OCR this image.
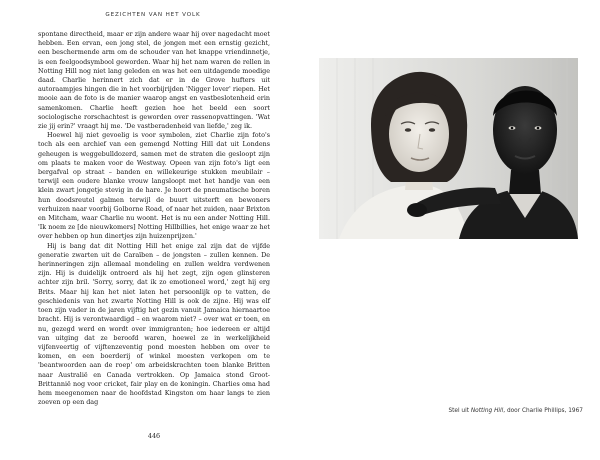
GEZICHTEN VAN HET VOLK

spontane directheid, maar er zijn andere waar hij over nagedacht moet hebben. Een ervan, een jong stel, de jongen met een ernstig gezicht, een beschermende arm om de schouder van het knappe vriendinnetje, is een feelgoodsymbool geworden. Waar hij het nam waren de rellen in Notting Hill nog niet lang geleden en was het een uitdagende moedige daad. Charlie herinnert zich dat er in de Grove hufters uit autoraampjes hingen die in het voorbijrijden 'Nigger lover' riepen. Het mooie aan de foto is de manier waarop angst en vastbeslotenheid erin samenkomen. Charlie heeft gezien hoe het beeld een soort sociologische rorschachtest is geworden over rassenopvattingen. 'Wat zie jij erin?' vraagt hij me. 'De vastberadenheid van liefde,' zeg ik.

Hoewel hij niet gevoelig is voor symbolen, ziet Charlie zijn foto's toch als een archief van een gemengd Notting Hill dat uit Londens geheugen is weggebulldozerd, samen met de straten die gesloopt zijn om plaats te maken voor de Westway. Opeen van zijn foto's ligt een bergafval op straat – banden en willekeurige stukken meubilair – terwijl een oudere blanke vrouw langsloopt met het handje van een klein zwart jongetje stevig in de hare. Je hoort de pneumatische boren hun doodsreutel galmen terwijl de buurt uitsterft en bewoners verhuizen naar voorbij Golborne Road, of naar het zuiden, naar Brixton en Mitcham, waar Charlie nu woont. Het is nu een ander Notting Hill. 'Ik noem ze [de nieuwkomers] Notting Hillbillies, het enige waar ze het over hebben op hun dinertjes zijn huizenprijzen.'

Hij is bang dat dit Notting Hill het enige zal zijn dat de vijfde generatie zwarten uit de Caraïben – de jongsten – zullen kennen. De herinneringen zijn allemaal mondeling en zullen weldra verdwenen zijn. Hij is duidelijk ontroerd als hij het zegt, zijn ogen glinsteren achter zijn bril. 'Sorry, sorry, dat ik zo emotioneel word,' zegt hij erg Brits. Maar hij kan het niet laten het persoonlijk op te vatten, de geschiedenis van het zwarte Notting Hill is ook de zijne. Hij was elf toen zijn vader in de jaren vijftig het gezin vanuit Jamaica hiernaartoe bracht. Hij is verontwaardigd – en waarom niet? – over wat er toen, en nu, gezegd werd en wordt over immigranten; hoe iedereen er altijd van uitging dat ze beroofd waren, hoewel ze in werkelijkheid vijfenveertig of vijftenzeventig pond moesten hebben om over te komen, en een boerderij of winkel moesten verkopen om te 'beantwoorden aan de roep' om arbeidskrachten toen blanke Britten naar Australië en Canada vertrokken. Op Jamaica stond Groot-Brittannië nog voor cricket, fair play en de koningin. Charlies oma had hem meegenomen naar de hoofdstad Kingston om haar langs te zien zoeven op een dag

446
Stel uit Notting Hill, door Charlie Phillips, 1967
